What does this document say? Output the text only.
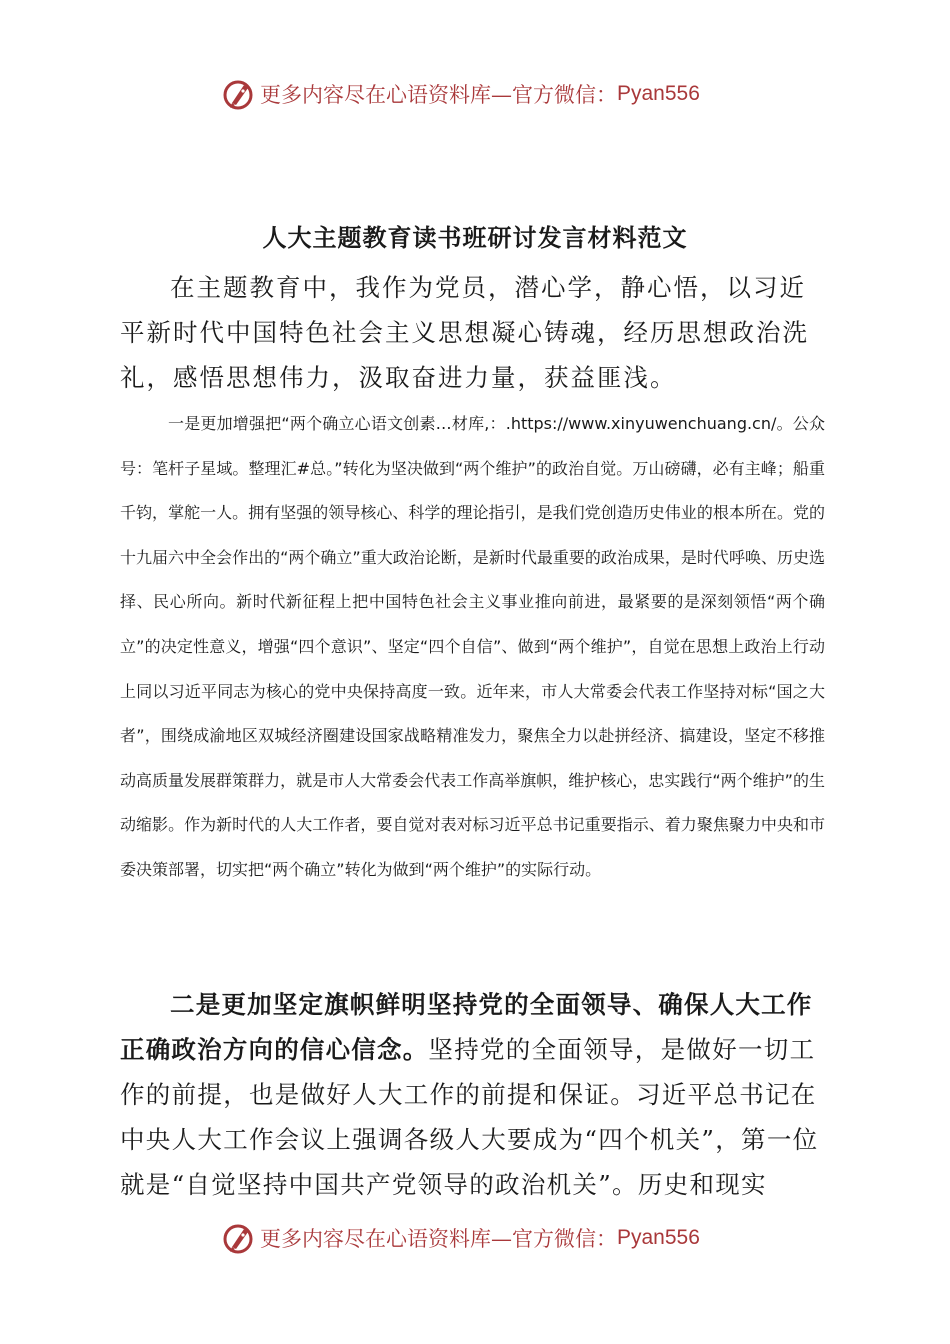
更多内容尽在心语资料库—官方微信： Pyan556
人大主题教育读书班研讨发言材料范文

在主题教育中，我作为党员，潜心学，静心悟，以习近平新时代中国特色社会主义思想凝心铸魂，经历思想政治洗礼，感悟思想伟力，汲取奋进力量，获益匪浅。

一是更加增强把“两个确立心语文创素…材库,：.https://www.xinyuwenchuang.cn/。公众号：笔杆子星域。整理汇#总。”转化为坚决做到“两个维护”的政治自觉。万山磅礴，必有主峰；船重千钧，掌舵一人。拥有坚强的领导核心、科学的理论指引，是我们党创造历史伟业的根本所在。党的十九届六中全会作出的“两个确立”重大政治论断，是新时代最重要的政治成果，是时代呼唤、历史选择、民心所向。新时代新征程上把中国特色社会主义事业推向前进，最紧要的是深刻领悟“两个确立”的决定性意义，增强“四个意识”、坚定“四个自信”、做到“两个维护”，自觉在思想上政治上行动上同以习近平同志为核心的党中央保持高度一致。近年来，市人大常委会代表工作坚持对标“国之大者”，围绕成渝地区双城经济圈建设国家战略精准发力，聚焦全力以赴拼经济、搞建设，坚定不移推动高质量发展群策群力，就是市人大常委会代表工作高举旗帜，维护核心，忠实践行“两个维护”的生动缩影。作为新时代的人大工作者，要自觉对表对标习近平总书记重要指示、着力聚焦聚力中央和市委决策部署，切实把“两个确立”转化为做到“两个维护”的实际行动。

二是更加坚定旗帜鲜明坚持党的全面领导、确保人大工作正确政治方向的信心信念。坚持党的全面领导，是做好一切工作的前提，也是做好人大工作的前提和保证。习近平总书记在中央人大工作会议上强调各级人大要成为“四个机关”，第一位就是“自觉坚持中国共产党领导的政治机关”。历史和现实

更多内容尽在心语资料库—官方微信： Pyan556
